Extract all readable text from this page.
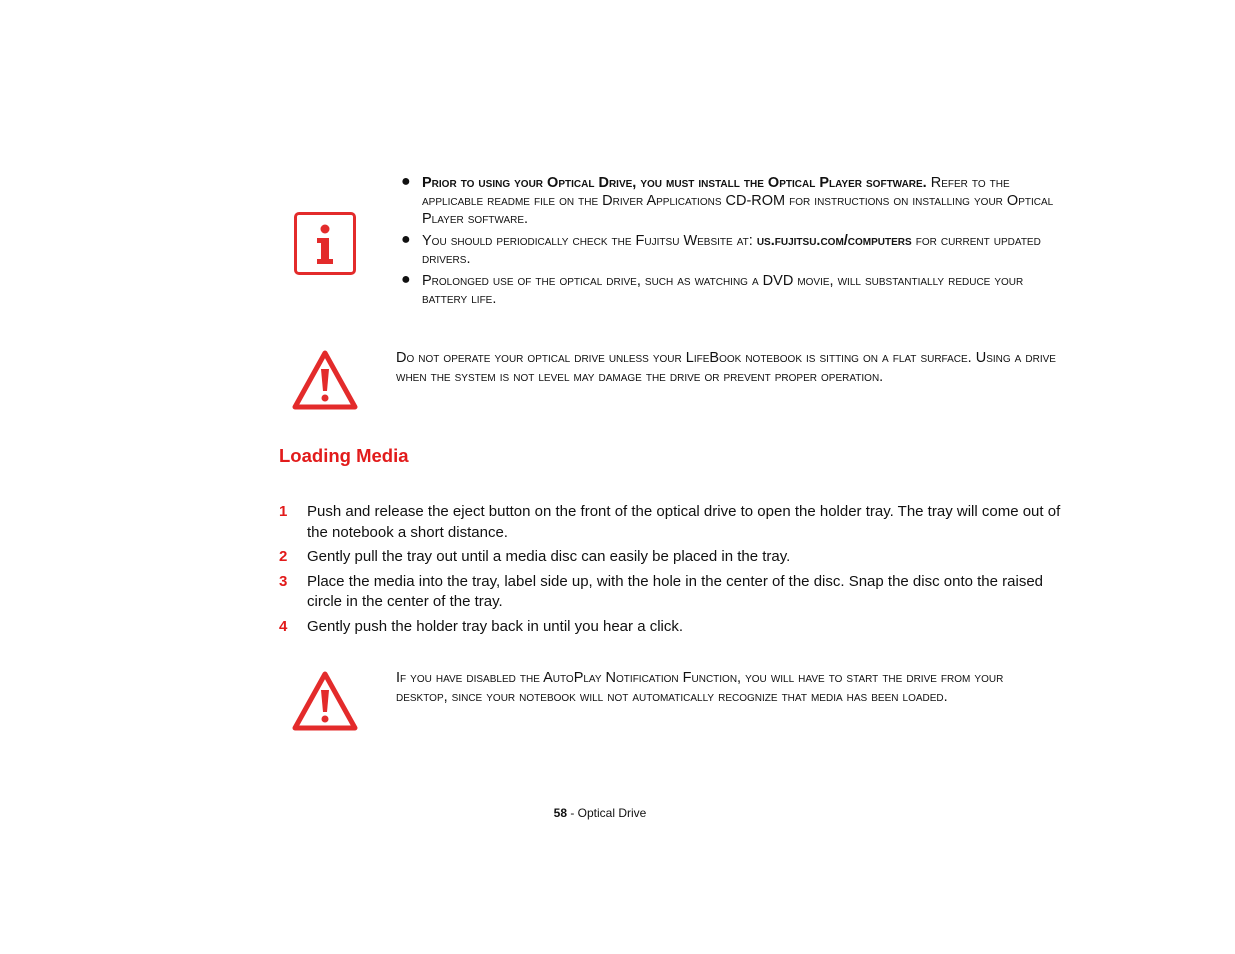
● Prior to using your Optical Drive, you must install the Optical Player software. Refer to the applicable readme file on the Driver Applications CD-ROM for instructions on installing your Optical Player software.
● You should periodically check the Fujitsu Website at: us.fujitsu.com/computers for current updated drivers.
● Prolonged use of the optical drive, such as watching a DVD movie, will substantially reduce your battery life.
Do not operate your optical drive unless your LifeBook notebook is sitting on a flat surface. Using a drive when the system is not level may damage the drive or prevent proper operation.
Loading Media
1 Push and release the eject button on the front of the optical drive to open the holder tray. The tray will come out of the notebook a short distance.
2 Gently pull the tray out until a media disc can easily be placed in the tray.
3 Place the media into the tray, label side up, with the hole in the center of the disc. Snap the disc onto the raised circle in the center of the tray.
4 Gently push the holder tray back in until you hear a click.
If you have disabled the AutoPlay Notification Function, you will have to start the drive from your desktop, since your notebook will not automatically recognize that media has been loaded.
58 - Optical Drive
